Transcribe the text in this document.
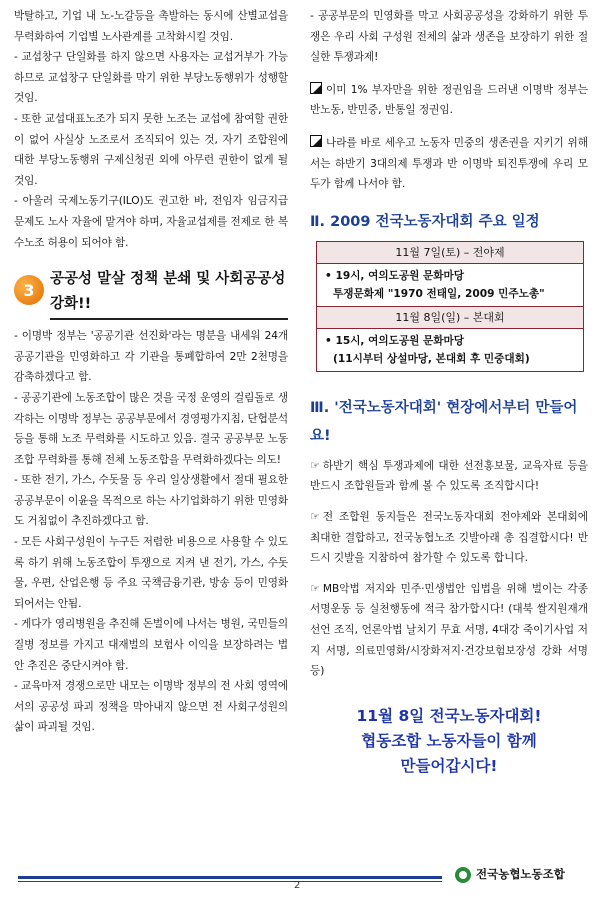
박탈하고, 기업 내 노-노갈등을 촉발하는 동시에 산별교섭을 무력화하여 기업별 노사관계를 고착화시킬 것임.

- 교섭창구 단일화를 하지 않으면 사용자는 교섭거부가 가능하므로 교섭창구 단일화를 막기 위한 부당노동행위가 성행할 것임.

- 또한 교섭대표노조가 되지 못한 노조는 교섭에 참여할 권한이 없어 사실상 노조로서 조직되어 있는 것, 자기 조합원에 대한 부당노동행위 구제신청권 외에 아무런 권한이 없게 될 것임.

- 아울러 국제노동기구(ILO)도 권고한 바, 전임자 임금지급 문제도 노사 자율에 맡겨야 하며, 자율교섭제를 전제로 한 복수노조 허용이 되어야 함.

3
공공성 말살 정책 분쇄 및 사회공공성 강화!!

- 이명박 정부는 '공공기관 선진화'라는 명분을 내세워 24개 공공기관을 민영화하고 각 기관을 통폐합하여 2만 2천명을 감축하겠다고 함.

- 공공기관에 노동조합이 많은 것을 국정 운영의 걸림돌로 생각하는 이명박 정부는 공공부문에서 경영평가지침, 단협분석 등을 통해 노조 무력화를 시도하고 있음. 결국 공공부문 노동조합 무력화를 통해 전체 노동조합을 무력화하겠다는 의도!

- 또한 전기, 가스, 수돗물 등 우리 일상생활에서 절대 필요한 공공부문이 이윤을 목적으로 하는 사기업화하기 위한 민영화도 거침없이 추진하겠다고 함.

- 모든 사회구성원이 누구든 저렴한 비용으로 사용할 수 있도록 하기 위해 노동조합이 투쟁으로 지켜 낸 전기, 가스, 수돗물, 우편, 산업은행 등 주요 국책금융기관, 방송 등이 민영화되어서는 안됨.

- 게다가 영리병원을 추진해 돈벌이에 나서는 병원, 국민들의 질병 정보를 가지고 대재벌의 보험사 이익을 보장하려는 법안 추진은 중단시켜야 함.

- 교육마저 경쟁으로만 내모는 이명박 정부의 전 사회 영역에서의 공공성 파괴 정책을 막아내지 않으면 전 사회구성원의 삶이 파괴될 것임.

- 공공부문의 민영화를 막고 사회공공성을 강화하기 위한 투쟁은 우리 사회 구성원 전체의 삶과 생존을 보장하기 위한 절실한 투쟁과제!

이미 1% 부자만을 위한 정권임을 드러낸 이명박 정부는 반노동, 반민중, 반통일 정권임.

나라를 바로 세우고 노동자 민중의 생존권을 지키기 위해서는 하반기 3대의제 투쟁과 반 이명박 퇴진투쟁에 우리 모두가 함께 나서야 함.

Ⅱ. 2009 전국노동자대회 주요 일정
11월 7일(토) – 전야제
• 19시, 여의도공원 문화마당
투쟁문화제 "1970 전태일, 2009 민주노총"
11월 8일(일) – 본대회
• 15시, 여의도공원 문화마당
(11시부터 상설마당, 본대회 후 민중대회)
Ⅲ. '전국노동자대회' 현장에서부터 만들어요!

☞ 하반기 핵심 투쟁과제에 대한 선전홍보물, 교육자료 등을 반드시 조합원들과 함께 볼 수 있도록 조직합시다!

☞ 전 조합원 동지들은 전국노동자대회 전야제와 본대회에 최대한 결합하고, 전국농협노조 깃발아래 총 집결합시다! 반드시 깃발을 지참하여 참가할 수 있도록 합니다.

☞ MB악법 저지와 민주·민생법안 입법을 위해 벌이는 각종 서명운동 등 실천행동에 적극 참가합시다! (대북 쌀지원재개 선언 조직, 언론악법 날치기 무효 서명, 4대강 죽이기사업 저지 서명, 의료민영화/시장화저지·건강보험보장성 강화 서명 등)

11월 8일 전국노동자대회!
협동조합 노동자들이 함께
만들어갑시다!
2
전국농협노동조합
